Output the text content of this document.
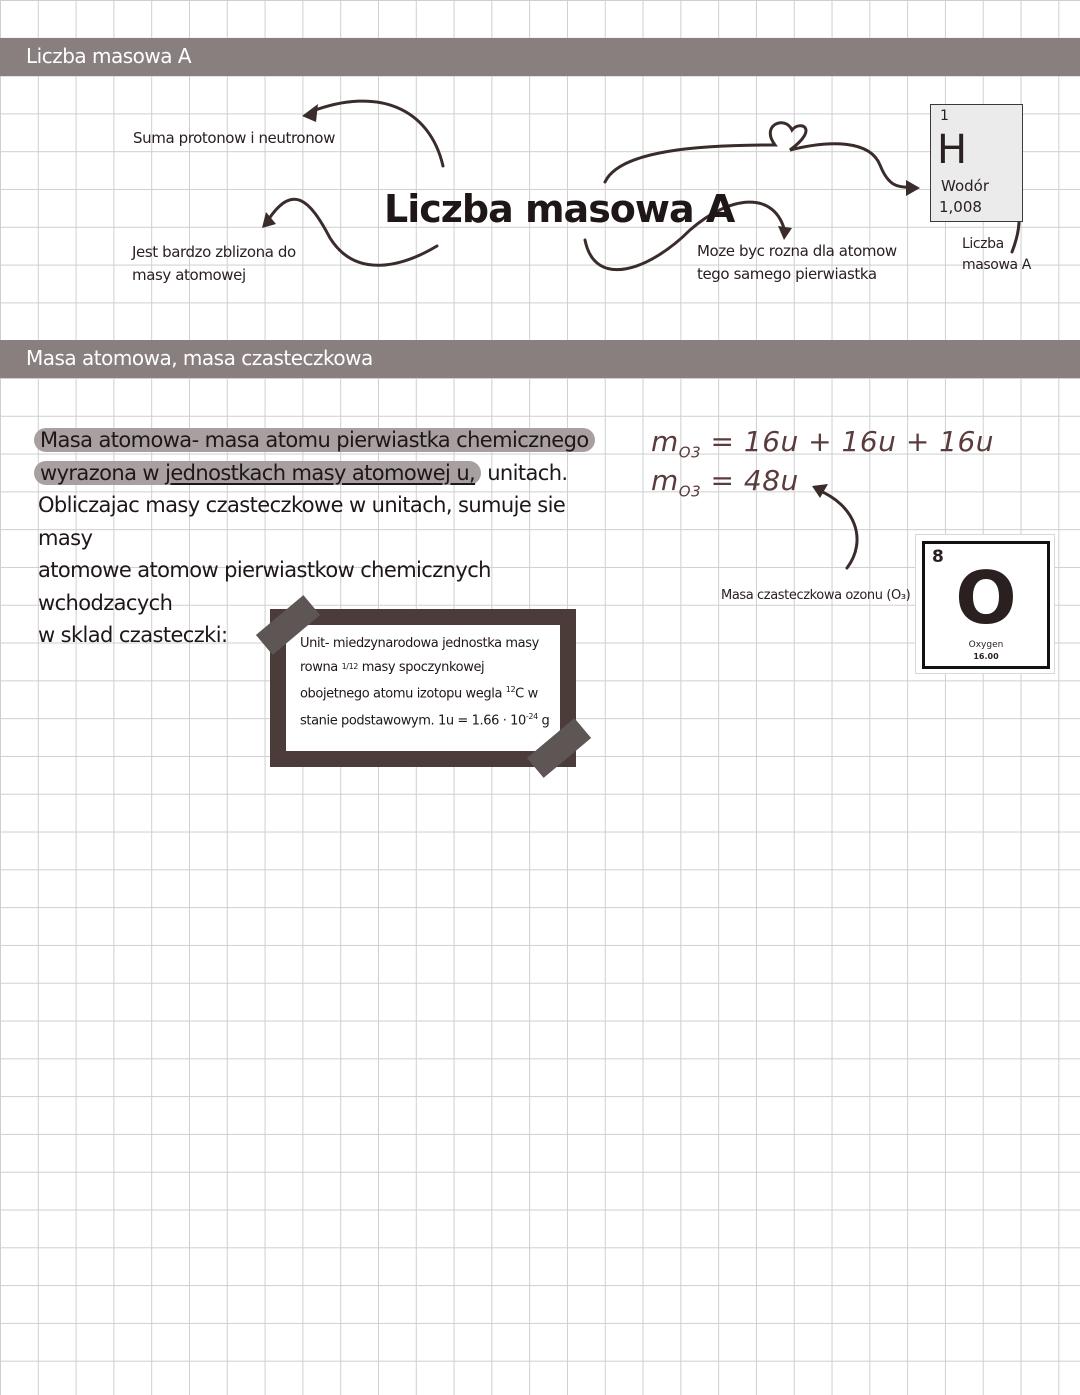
Liczba masowa A
Suma protonow i neutronow
Jest bardzo zblizona do
masy atomowej
Liczba masowa A
Moze byc rozna dla atomow
tego samego pierwiastka
1
H
Wodór
1,008
Liczba
masowa A
Masa atomowa, masa czasteczkowa
Masa atomowa- masa atomu pierwiastka chemicznego
wyrazona w jednostkach masy atomowej u, unitach.
Obliczajac masy czasteczkowe w unitach, sumuje sie masy
atomowe atomow pierwiastkow chemicznych wchodzacych
w sklad czasteczki:	Unit- miedzynarodowa jednostka masy
rowna 1/12 masy spoczynkowej
obojetnego atomu izotopu wegla $^{12}$C w
stanie podstawowym. $1u = 1.66 \cdot 10^{-24}$ g
$m_{O3} = 16u + 16u + 16u$
$m_{O3} = 48u$
Masa czasteczkowa ozonu (O₃)
8 O
Oxygen
16.00
